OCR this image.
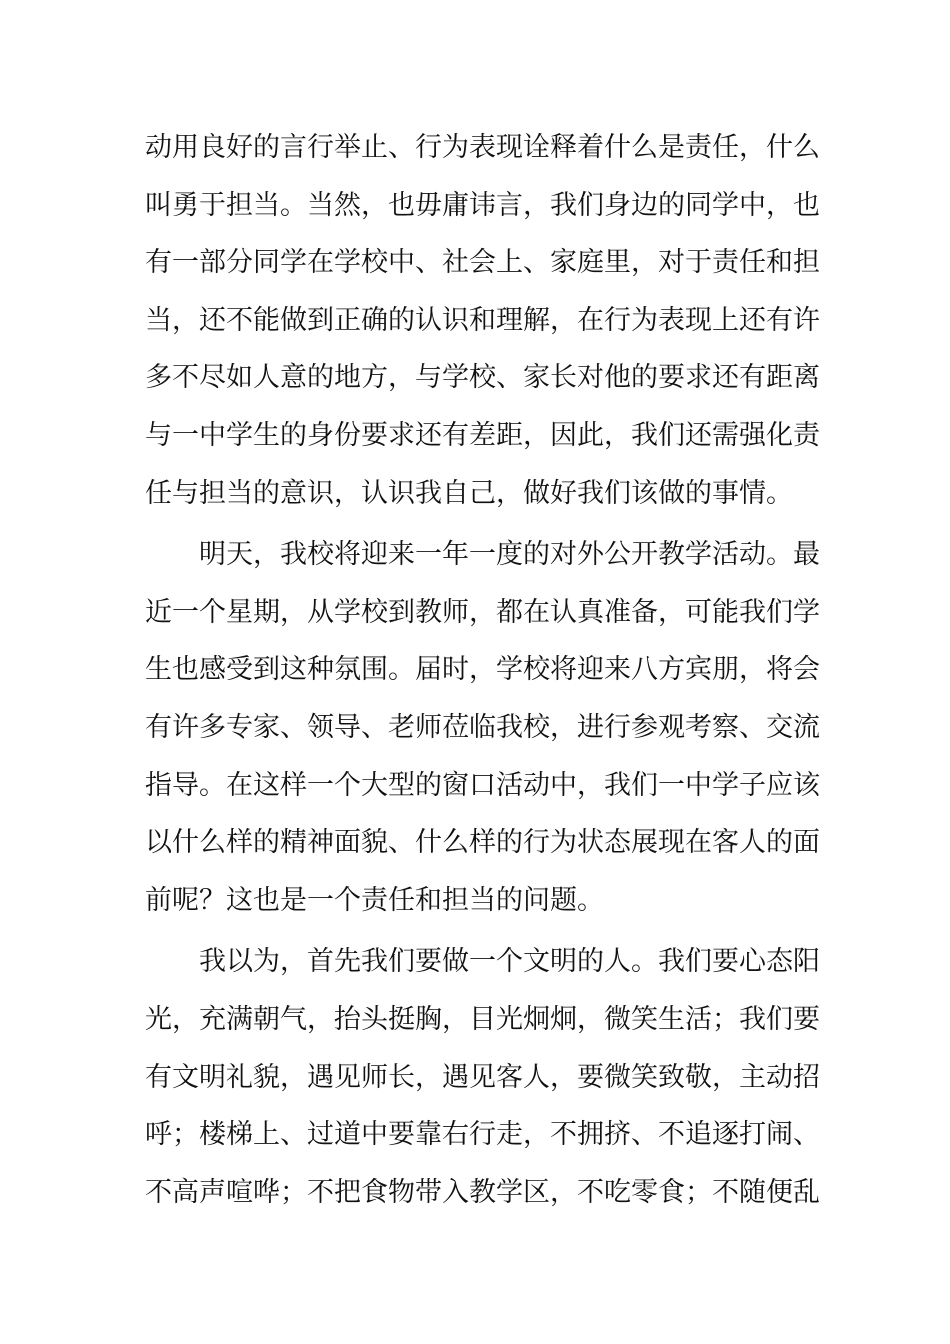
动用良好的言行举止、行为表现诠释着什么是责任，什么
叫勇于担当。当然，也毋庸讳言，我们身边的同学中，也
有一部分同学在学校中、社会上、家庭里，对于责任和担
当，还不能做到正确的认识和理解，在行为表现上还有许
多不尽如人意的地方，与学校、家长对他的要求还有距离
与一中学生的身份要求还有差距，因此，我们还需强化责
任与担当的意识，认识我自己，做好我们该做的事情。
明天，我校将迎来一年一度的对外公开教学活动。最
近一个星期，从学校到教师，都在认真准备，可能我们学
生也感受到这种氛围。届时，学校将迎来八方宾朋，将会
有许多专家、领导、老师莅临我校，进行参观考察、交流
指导。在这样一个大型的窗口活动中，我们一中学子应该
以什么样的精神面貌、什么样的行为状态展现在客人的面
前呢？这也是一个责任和担当的问题。
我以为，首先我们要做一个文明的人。我们要心态阳
光，充满朝气，抬头挺胸，目光炯炯，微笑生活；我们要
有文明礼貌，遇见师长，遇见客人，要微笑致敬，主动招
呼；楼梯上、过道中要靠右行走，不拥挤、不追逐打闹、
不高声喧哗；不把食物带入教学区，不吃零食；不随便乱
